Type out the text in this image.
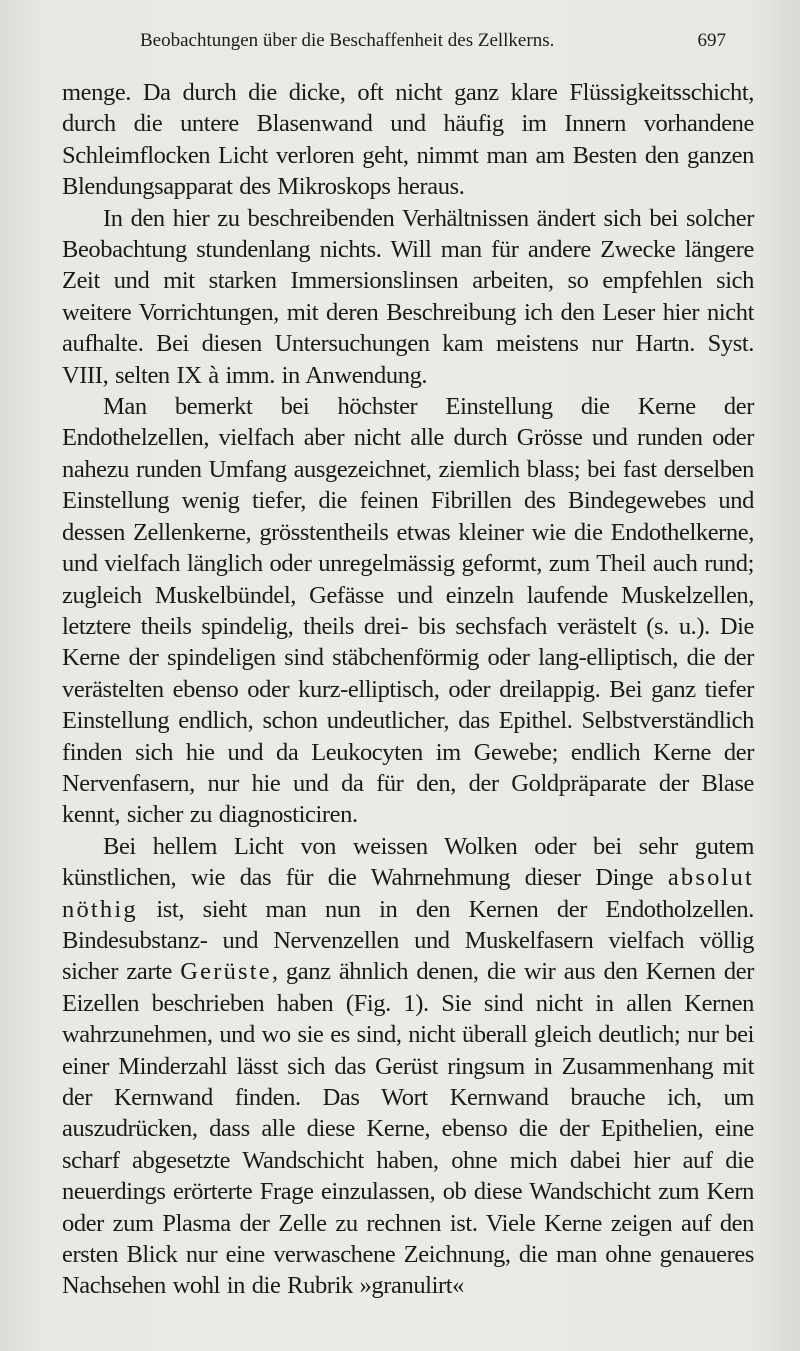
Beobachtungen über die Beschaffenheit des Zellkerns.	697

menge. Da durch die dicke, oft nicht ganz klare Flüssigkeitsschicht, durch die untere Blasenwand und häufig im Innern vorhandene Schleimflocken Licht verloren geht, nimmt man am Besten den ganzen Blendungsapparat des Mikroskops heraus.

In den hier zu beschreibenden Verhältnissen ändert sich bei solcher Beobachtung stundenlang nichts. Will man für andere Zwecke längere Zeit und mit starken Immersionslinsen arbeiten, so empfehlen sich weitere Vorrichtungen, mit deren Beschreibung ich den Leser hier nicht aufhalte. Bei diesen Untersuchungen kam meistens nur Hartn. Syst. VIII, selten IX à imm. in Anwendung.

Man bemerkt bei höchster Einstellung die Kerne der Endothelzellen, vielfach aber nicht alle durch Grösse und runden oder nahezu runden Umfang ausgezeichnet, ziemlich blass; bei fast derselben Einstellung wenig tiefer, die feinen Fibrillen des Bindegewebes und dessen Zellenkerne, grösstentheils etwas kleiner wie die Endothelkerne, und vielfach länglich oder unregelmässig geformt, zum Theil auch rund; zugleich Muskelbündel, Gefässe und einzeln laufende Muskelzellen, letztere theils spindelig, theils drei- bis sechsfach verästelt (s. u.). Die Kerne der spindeligen sind stäbchenförmig oder lang-elliptisch, die der verästelten ebenso oder kurz-elliptisch, oder dreilappig. Bei ganz tiefer Einstellung endlich, schon undeutlicher, das Epithel. Selbstverständlich finden sich hie und da Leukocyten im Gewebe; endlich Kerne der Nervenfasern, nur hie und da für den, der Goldpräparate der Blase kennt, sicher zu diagnosticiren.

Bei hellem Licht von weissen Wolken oder bei sehr gutem künstlichen, wie das für die Wahrnehmung dieser Dinge absolut nöthig ist, sieht man nun in den Kernen der Endotholzellen. Bindesubstanz- und Nervenzellen und Muskelfasern vielfach völlig sicher zarte Gerüste, ganz ähnlich denen, die wir aus den Kernen der Eizellen beschrieben haben (Fig. 1). Sie sind nicht in allen Kernen wahrzunehmen, und wo sie es sind, nicht überall gleich deutlich; nur bei einer Minderzahl lässt sich das Gerüst ringsum in Zusammenhang mit der Kernwand finden. Das Wort Kernwand brauche ich, um auszudrücken, dass alle diese Kerne, ebenso die der Epithelien, eine scharf abgesetzte Wandschicht haben, ohne mich dabei hier auf die neuerdings erörterte Frage einzulassen, ob diese Wandschicht zum Kern oder zum Plasma der Zelle zu rechnen ist. Viele Kerne zeigen auf den ersten Blick nur eine verwaschene Zeichnung, die man ohne genaueres Nachsehen wohl in die Rubrik »granulirt«
